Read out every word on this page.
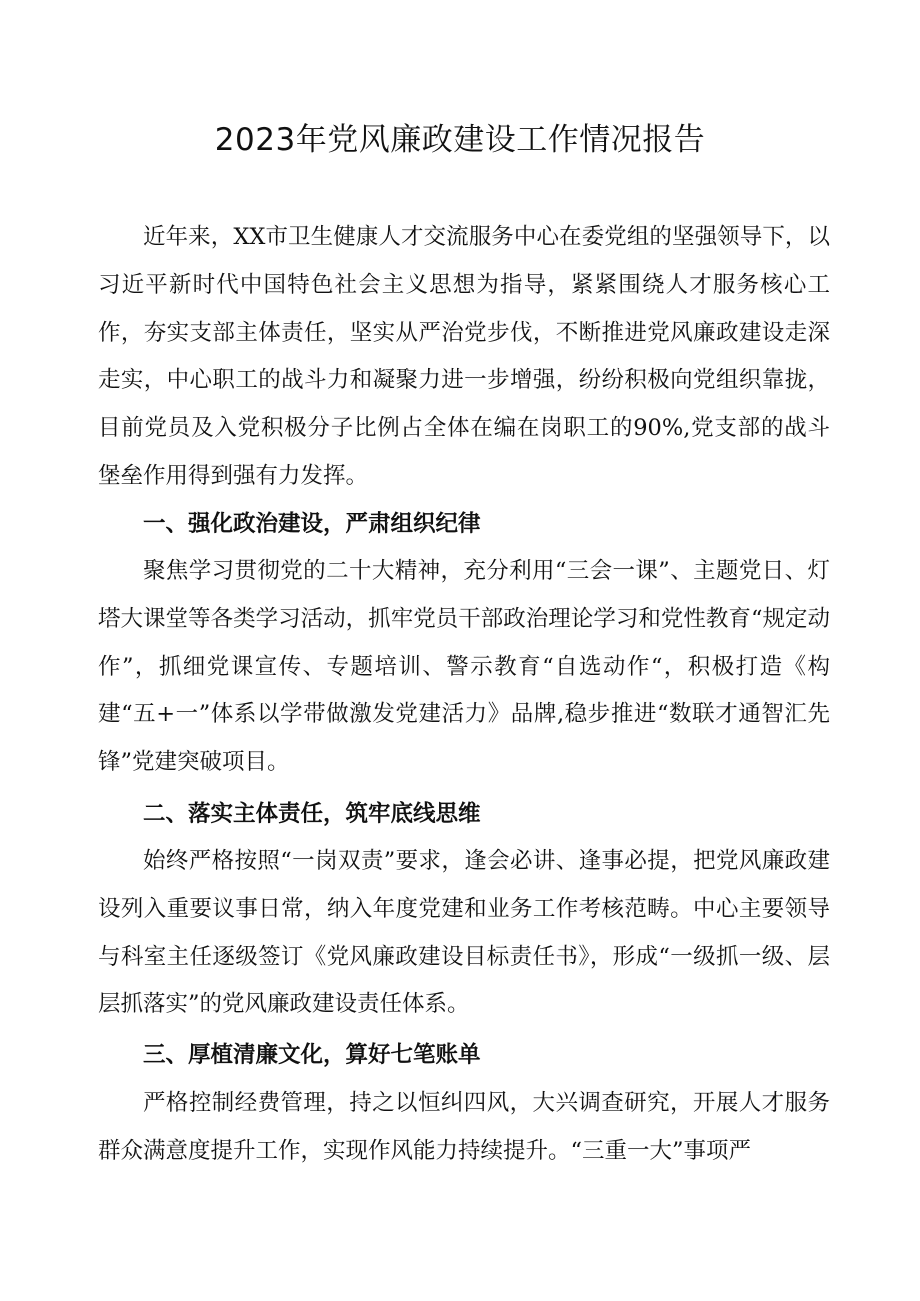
2023年党风廉政建设工作情况报告

近年来，XX市卫生健康人才交流服务中心在委党组的坚强领导下，以习近平新时代中国特色社会主义思想为指导，紧紧围绕人才服务核心工作，夯实支部主体责任，坚实从严治党步伐，不断推进党风廉政建设走深走实，中心职工的战斗力和凝聚力进一步增强，纷纷积极向党组织靠拢，目前党员及入党积极分子比例占全体在编在岗职工的90%,党支部的战斗堡垒作用得到强有力发挥。

一、强化政治建设，严肃组织纪律

聚焦学习贯彻党的二十大精神，充分利用“三会一课”、主题党日、灯塔大课堂等各类学习活动，抓牢党员干部政治理论学习和党性教育“规定动作”，抓细党课宣传、专题培训、警示教育“自选动作“，积极打造《构建“五+一”体系以学带做激发党建活力》品牌,稳步推进“数联才通智汇先锋”党建突破项目。

二、落实主体责任，筑牢底线思维

始终严格按照“一岗双责”要求，逢会必讲、逢事必提，把党风廉政建设列入重要议事日常，纳入年度党建和业务工作考核范畴。中心主要领导与科室主任逐级签订《党风廉政建设目标责任书》，形成“一级抓一级、层层抓落实”的党风廉政建设责任体系。

三、厚植清廉文化，算好七笔账单

严格控制经费管理，持之以恒纠四风，大兴调查研究，开展人才服务群众满意度提升工作，实现作风能力持续提升。“三重一大”事项严
